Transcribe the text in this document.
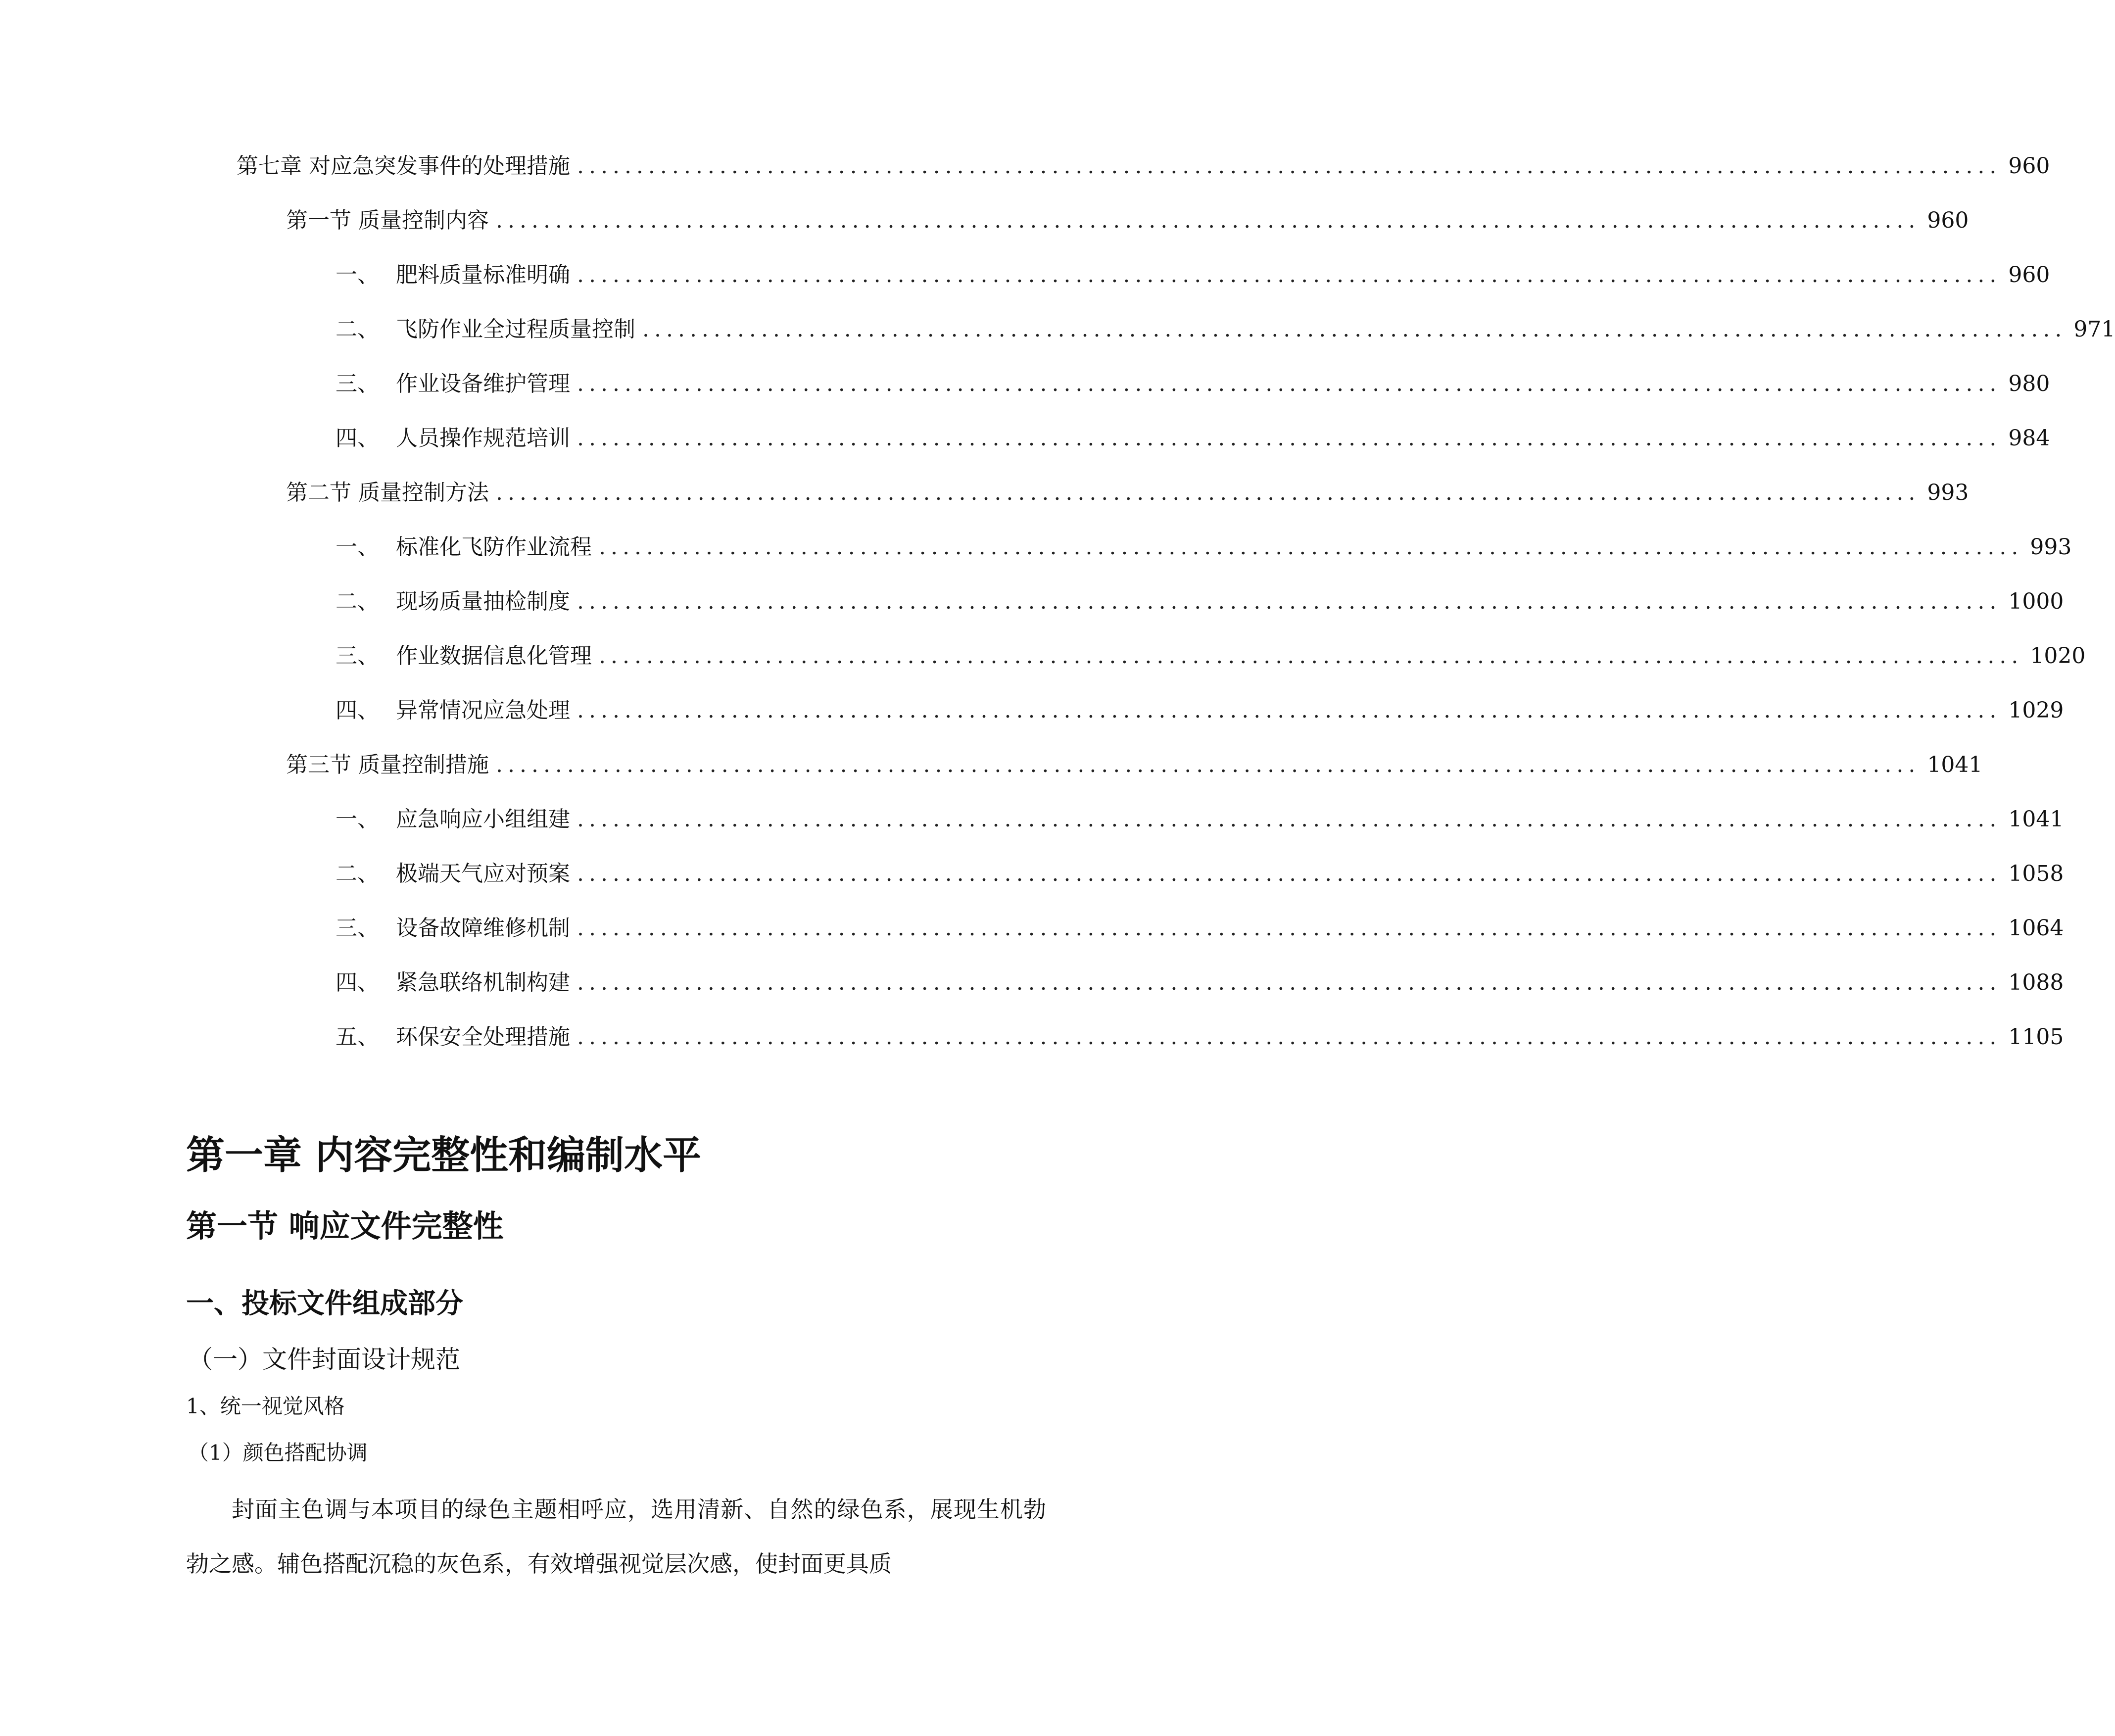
第七章 对应急突发事件的处理措施 ........................................................................................................................ 960
第一节 质量控制内容 ........................................................................................................................ 960
一、 肥料质量标准明确 ........................................................................................................................ 960
二、 飞防作业全过程质量控制 ........................................................................................................................ 971
三、 作业设备维护管理 ........................................................................................................................ 980
四、 人员操作规范培训 ........................................................................................................................ 984
第二节 质量控制方法 ........................................................................................................................ 993
一、 标准化飞防作业流程 ........................................................................................................................ 993
二、 现场质量抽检制度 ........................................................................................................................ 1000
三、 作业数据信息化管理 ........................................................................................................................ 1020
四、 异常情况应急处理 ........................................................................................................................ 1029
第三节 质量控制措施 ........................................................................................................................ 1041
一、 应急响应小组组建 ........................................................................................................................ 1041
二、 极端天气应对预案 ........................................................................................................................ 1058
三、 设备故障维修机制 ........................................................................................................................ 1064
四、 紧急联络机制构建 ........................................................................................................................ 1088
五、 环保安全处理措施 ........................................................................................................................ 1105
第一章 内容完整性和编制水平
第一节 响应文件完整性
一、投标文件组成部分
（一）文件封面设计规范
1、统一视觉风格
（1）颜色搭配协调
封面主色调与本项目的绿色主题相呼应，选用清新、自然的绿色系，展现生机勃勃之感。辅色搭配沉稳的灰色系，有效增强视觉层次感，使封面更具质
